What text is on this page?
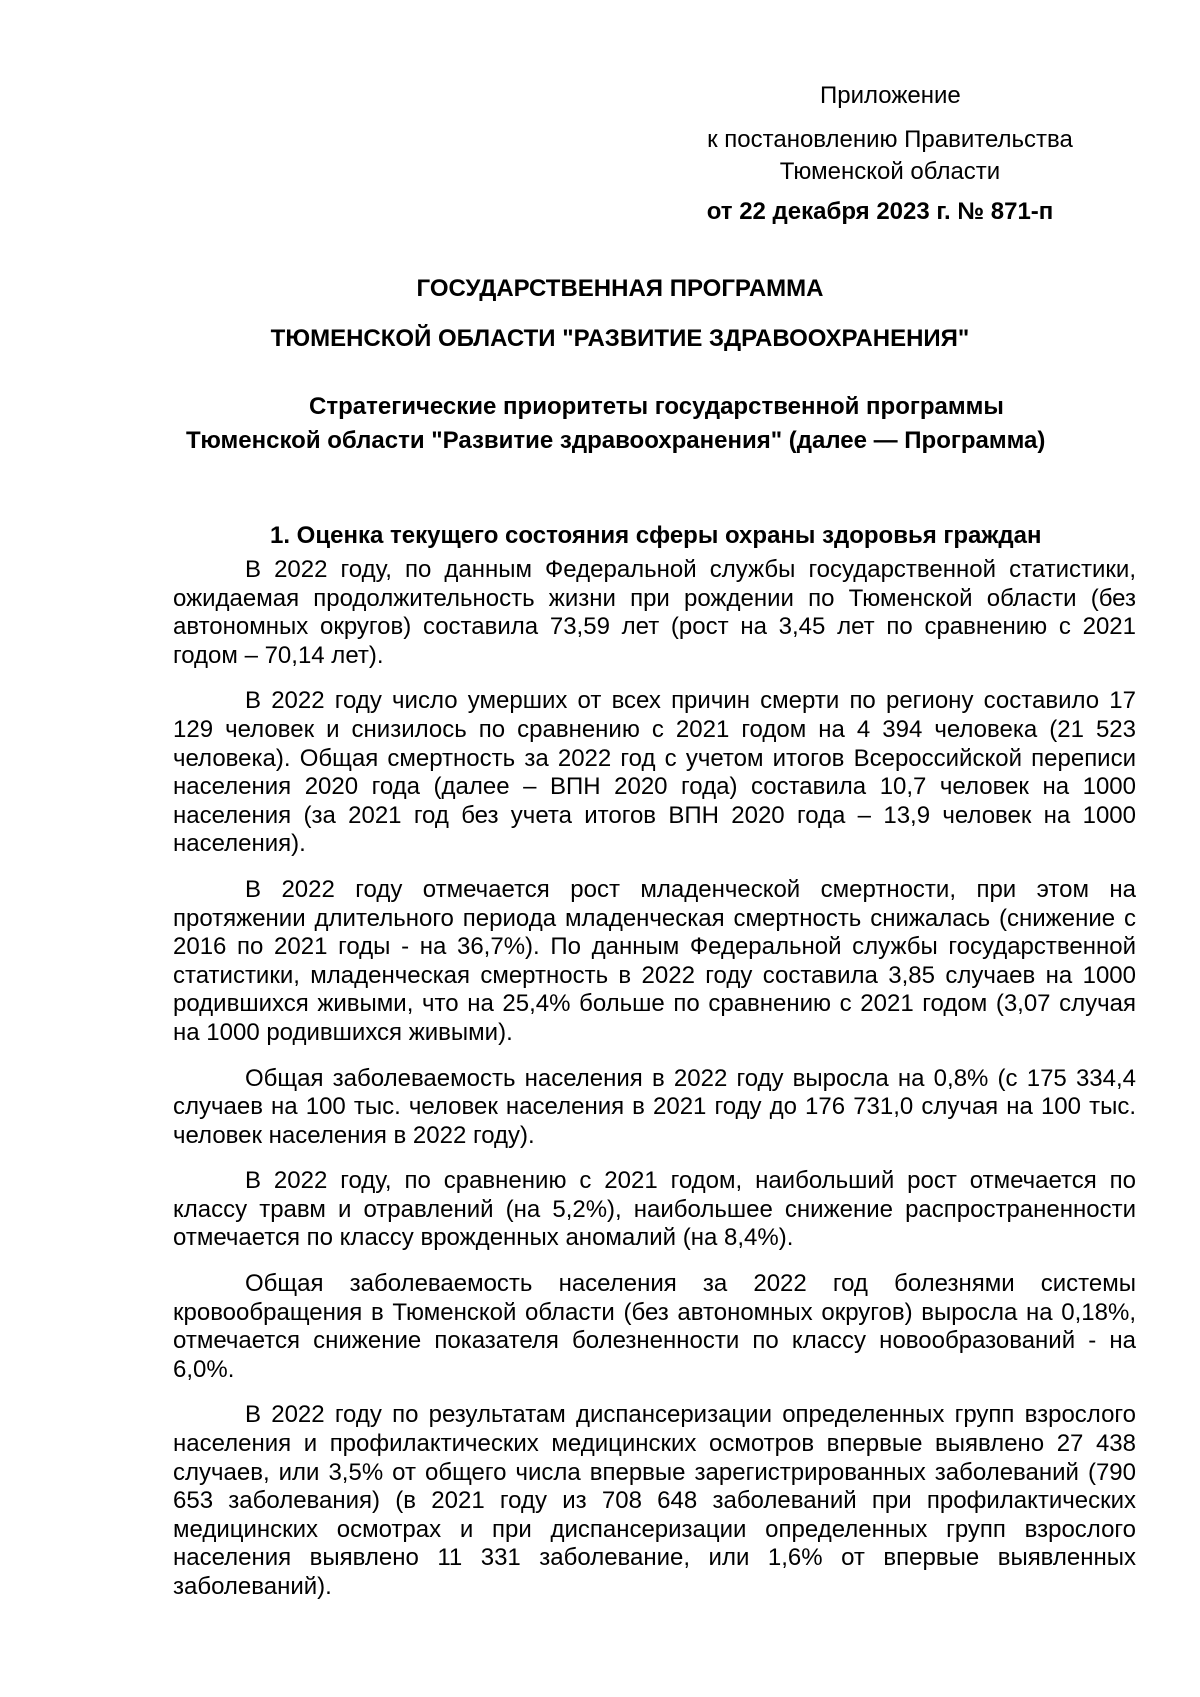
Приложение
к постановлению Правительства
Тюменской области
от 22 декабря 2023 г. № 871-п
ГОСУДАРСТВЕННАЯ ПРОГРАММА
ТЮМЕНСКОЙ ОБЛАСТИ "РАЗВИТИЕ ЗДРАВООХРАНЕНИЯ"
Стратегические приоритеты государственной программы
Тюменской области "Развитие здравоохранения" (далее — Программа)
1. Оценка текущего состояния сферы охраны здоровья граждан

В 2022 году, по данным Федеральной службы государственной статистики, ожидаемая продолжительность жизни при рождении по Тюменской области (без автономных округов) составила 73,59 лет (рост на 3,45 лет по сравнению с 2021 годом – 70,14 лет).

В 2022 году число умерших от всех причин смерти по региону составило 17 129 человек и снизилось по сравнению с 2021 годом на 4 394 человека (21 523 человека). Общая смертность за 2022 год с учетом итогов Всероссийской переписи населения 2020 года (далее – ВПН 2020 года) составила 10,7 человек на 1000 населения (за 2021 год без учета итогов ВПН 2020 года – 13,9 человек на 1000 населения).

В 2022 году отмечается рост младенческой смертности, при этом на протяжении длительного периода младенческая смертность снижалась (снижение с 2016 по 2021 годы - на 36,7%). По данным Федеральной службы государственной статистики, младенческая смертность в 2022 году составила 3,85 случаев на 1000 родившихся живыми, что на 25,4% больше по сравнению с 2021 годом (3,07 случая на 1000 родившихся живыми).

Общая заболеваемость населения в 2022 году выросла на 0,8% (с 175 334,4 случаев на 100 тыс. человек населения в 2021 году до 176 731,0 случая на 100 тыс. человек населения в 2022 году).

В 2022 году, по сравнению с 2021 годом, наибольший рост отмечается по классу травм и отравлений (на 5,2%), наибольшее снижение распространенности отмечается по классу врожденных аномалий (на 8,4%).

Общая заболеваемость населения за 2022 год болезнями системы кровообращения в Тюменской области (без автономных округов) выросла на 0,18%, отмечается снижение показателя болезненности по классу новообразований - на 6,0%.

В 2022 году по результатам диспансеризации определенных групп взрослого населения и профилактических медицинских осмотров впервые выявлено 27 438 случаев, или 3,5% от общего числа впервые зарегистрированных заболеваний (790 653 заболевания) (в 2021 году из 708 648 заболеваний при профилактических медицинских осмотрах и при диспансеризации определенных групп взрослого населения выявлено 11 331 заболевание, или 1,6% от впервые выявленных заболеваний).
